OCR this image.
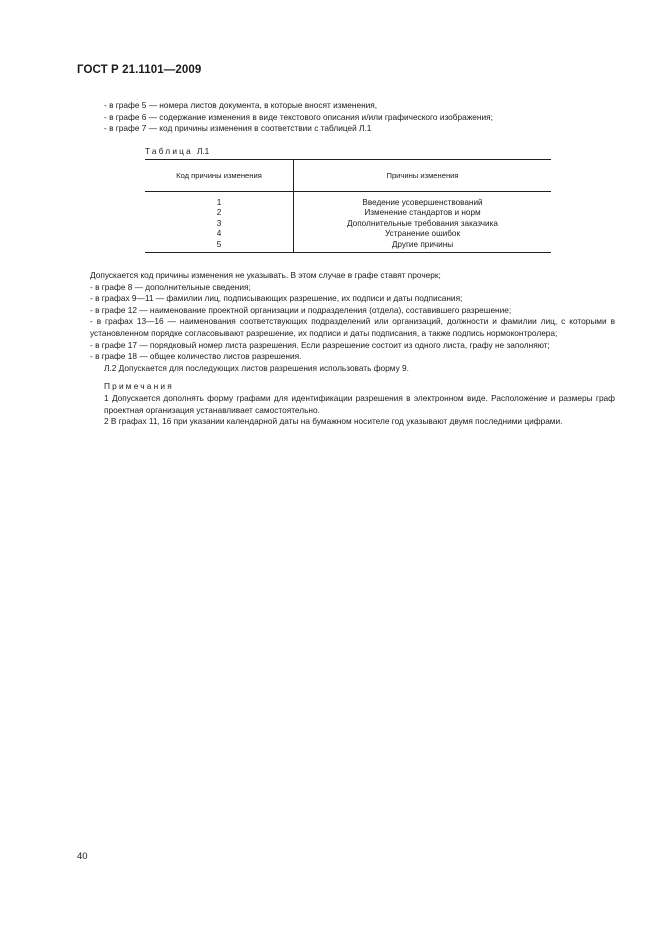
ГОСТ Р 21.1101—2009

- в графе 5 — номера листов документа, в которые вносят изменения,

- в графе 6 — содержание изменения в виде текстового описания и/или графического изображения;

- в графе 7 — код причины изменения в соответствии с таблицей Л.1

Таблица Л.1
Код причины изменения	Причины изменения
1	Введение усовершенствований
2	Изменение стандартов и норм
3	Дополнительные требования заказчика
4	Устранение ошибок
5	Другие причины

Допускается код причины изменения не указывать. В этом случае в графе ставят прочерк;

- в графе 8 — дополнительные сведения;

- в графах 9—11 — фамилии лиц, подписывающих разрешение, их подписи и даты подписания;

- в графе 12 — наименование проектной организации и подразделения (отдела), составившего разрешение;

- в графах 13—16 — наименования соответствующих подразделений или организаций, должности и фамилии лиц, с которыми в установленном порядке согласовывают разрешение, их подписи и даты подписания, а также подпись нормоконтролера;

- в графе 17 — порядковый номер листа разрешения. Если разрешение состоит из одного листа, графу не заполняют;

- в графе 18 — общее количество листов разрешения.

Л.2 Допускается для последующих листов разрешения использовать форму 9.

Примечания

1 Допускается дополнять форму графами для идентификации разрешения в электронном виде. Расположение и размеры граф проектная организация устанавливает самостоятельно.

2 В графах 11, 16 при указании календарной даты на бумажном носителе год указывают двумя последними цифрами.

40
